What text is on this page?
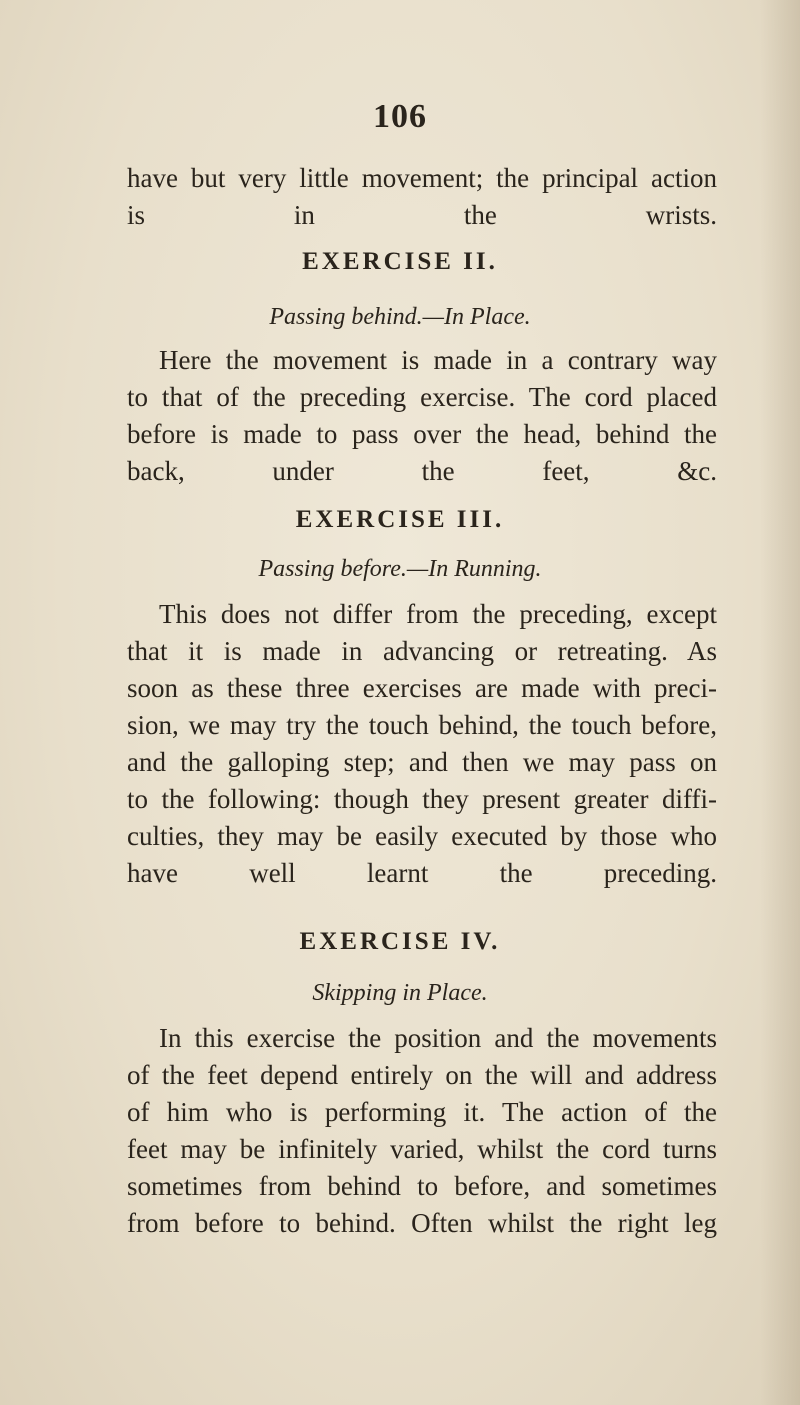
106
have but very little movement; the principal action
is in the wrists.
EXERCISE II.
Passing behind.—In Place.
Here the movement is made in a contrary way
to that of the preceding exercise. The cord placed
before is made to pass over the head, behind the
back, under the feet, &c.
EXERCISE III.
Passing before.—In Running.
This does not differ from the preceding, except
that it is made in advancing or retreating. As
soon as these three exercises are made with preci-
sion, we may try the touch behind, the touch before,
and the galloping step; and then we may pass on
to the following: though they present greater diffi-
culties, they may be easily executed by those who
have well learnt the preceding.
EXERCISE IV.
Skipping in Place.
In this exercise the position and the movements
of the feet depend entirely on the will and address
of him who is performing it. The action of the
feet may be infinitely varied, whilst the cord turns
sometimes from behind to before, and sometimes
from before to behind. Often whilst the right leg
